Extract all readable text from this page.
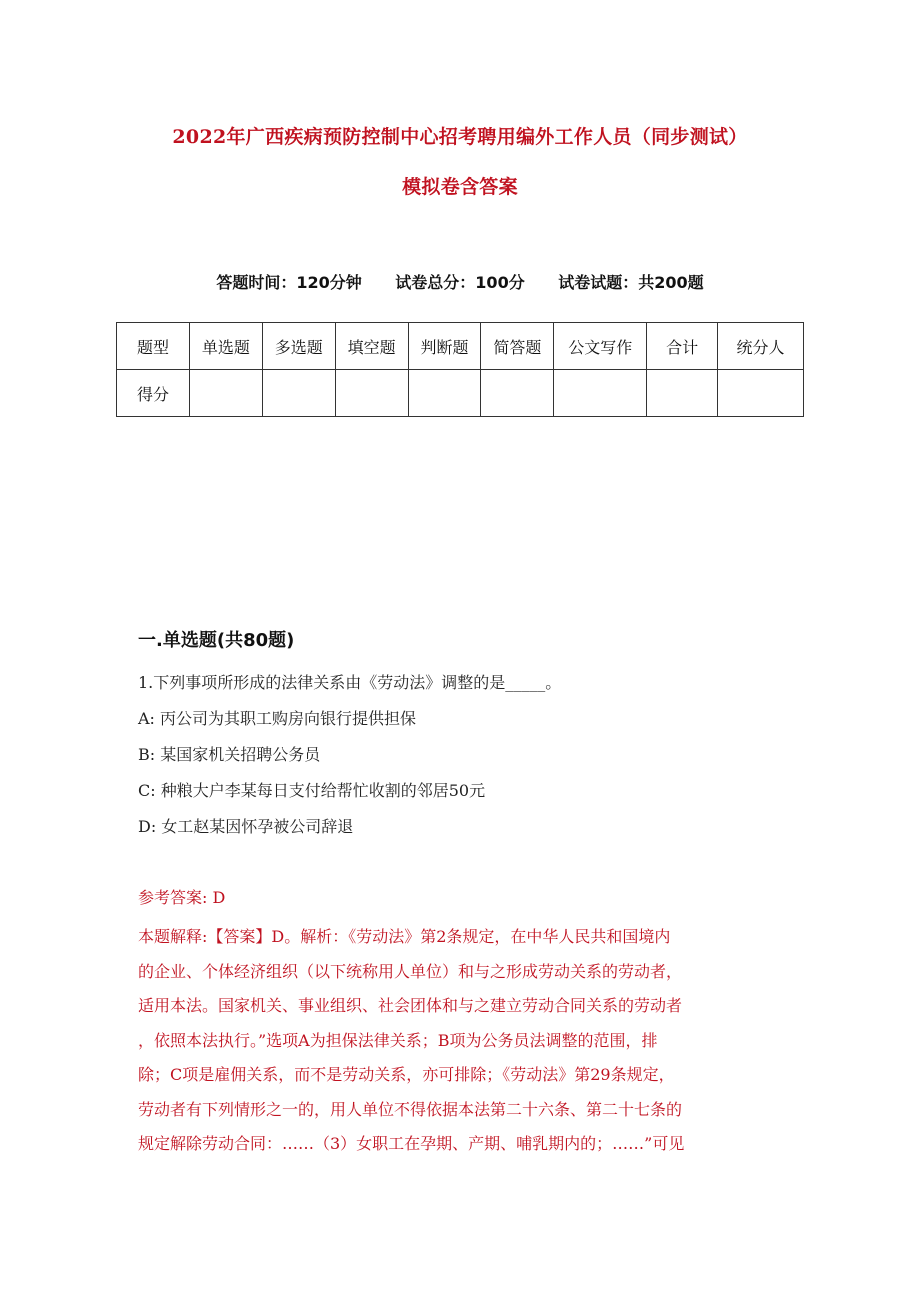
2022年广西疾病预防控制中心招考聘用编外工作人员（同步测试）
模拟卷含答案
答题时间：120分钟 试卷总分：100分 试卷试题：共200题
题型	单选题	多选题	填空题	判断题	简答题	公文写作	合计	统分人
得分								
一.单选题(共80题)
1.下列事项所形成的法律关系由《劳动法》调整的是_____。
A: 丙公司为其职工购房向银行提供担保
B: 某国家机关招聘公务员
C: 种粮大户李某每日支付给帮忙收割的邻居50元
D: 女工赵某因怀孕被公司辞退
参考答案: D
本题解释:【答案】D。解析：《劳动法》第2条规定，在中华人民共和国境内
的企业、个体经济组织（以下统称用人单位）和与之形成劳动关系的劳动者，
适用本法。国家机关、事业组织、社会团体和与之建立劳动合同关系的劳动者
，依照本法执行。”选项A为担保法律关系；B项为公务员法调整的范围，排
除；C项是雇佣关系，而不是劳动关系，亦可排除；《劳动法》第29条规定，
劳动者有下列情形之一的，用人单位不得依据本法第二十六条、第二十七条的
规定解除劳动合同：……（3）女职工在孕期、产期、哺乳期内的；……”可见
